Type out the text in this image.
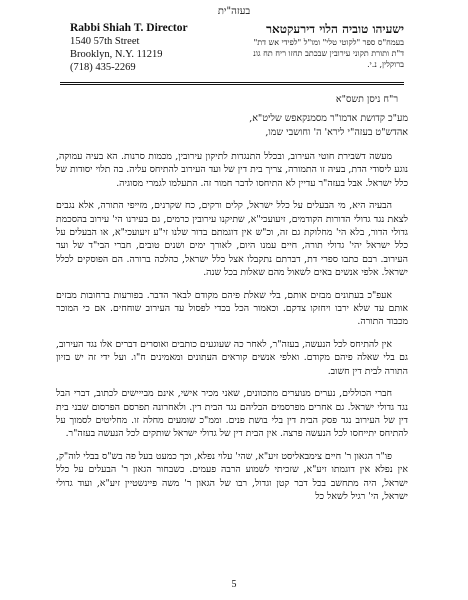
בעזה"ית
Rabbi Shiah T. Director
1540 57th Street
Brooklyn, N.Y. 11219
(718) 435-2269
ישעיהו טוביה הלוי דירעקטאר
בעמח"ס ספר "לקוטי טלי" ומו"ל "לפידי אש דת"
ד"ת ותורת תקוני עירובין שבכתב תחזו ריח תח גונ
ברוקלין, נ.י.
ר"ח ניסן תשס"א
מע"כ קדושת אדמו"ר מסמנקאפש שליט"א,
אהדש"ט בעזה"י לירא' ה' וחושבי שמו,

מעשה דשבירת חוטי העירוב, ובכלל התנגדות לתיקון עירובין, מכמות סרנות. הא בעיה עמוקה, נוגע ליסודי הדת, בעיה זו התמורה, צריך בית דין של ועד העירוב להתיחס עליה. בה תלוי יסודות של כלל ישראל. אבל בעזה"ר עדיין לא התיחסו לדבר חמור זה. התעלמו לגמרי מסוגיה.

הבעיה היא, מי הבעלים על כלל ישראל, קלים ורקים, כח שקרנים, מזייפי התורה, אלא נגבים לצאת נגד גדולי הדורות הקודמים, זיעועכי"א, שתיקנו עירובין כרמים, גם בעירנו הי' עירוב בהסכמת גדולי הדור, בלא הי' מחלוקת גם זה, וכ"ש אין דוגמתם בדור שלנו זי"ע זיעועכי"א, או הבעלים על כלל ישראל יהי' גדולי תורה, חיים עמנו היום, לאורך ימים ושנים טובים, חברי הבי"ד של ועד העירוב. רבם כתבו ספרי דת, דברתם נתקבלו אצל כלל ישראל, כהלכה ברורה. הם הפוסקים לכלל ישראל. אלפי אנשים באים לשאול מהם שאלות בכל שנה.

אעפ"כ בעתונים מבזים אותם, בלי שאלת פיהם מקודם לבאר הדבר. בפורעות ברחובות מבזים אותם עד שלא ירבו ויחזקו צדקם. וכאמור הכל בכדי לפסול עד העירוב שוחחים. אם כי המוכר מכבוד התורה.

אין להתיחס לכל הנעשה, בעזה"ר, לאחר כה שעוגעים כותבים ואוסרים דברים אלו נגד העירוב, גם בלי שאלה פיהם מקודם. ואלפי אנשים קוראים העתונים ומאמינים ח"ו. ועל ידי זה יש בזיון התורה לבית דין חשוב.

חברי הכוללים, נערים מנוערים מתכוונים, שאני מכיר אישי, אינם מבייישים לכתוב, דברי הבל נגד גדולי ישראל. גם אחרים מפרסמים הבליהם נגד הבית דין. ולאחרונה תפרסם הפרסום שבני בית דין של העירוב נגד פסק הבית דין בלי בושת פנים. וממ"כ שומעים מחלה זו. מחליטים לסמוך על להתיחס יתייחסו לכל הנעשה פרצה. אין הבית דין של גדולי ישראל שותקים לכל הנעשה בעזה"ר.

פו"ר הגאון ר' חיים צימבאליסט זיע"א, שהי' עלוי נפלא, וכך כמעט בעל פה בש"ס בבלי לוה"ק, אין נפלא אין דוגמתו זיע"א, שזכיתי לשמוע הרבה פעמים. כשבחור הגאון ר' הבעלים על כלל ישראל, היה מתחשב בכל דבר קטן וגדול, רבו של הגאון ר' משה פיינשטיין זיע"א, ועוד גדולי ישראל, הי' רגיל לשאל כל

5
